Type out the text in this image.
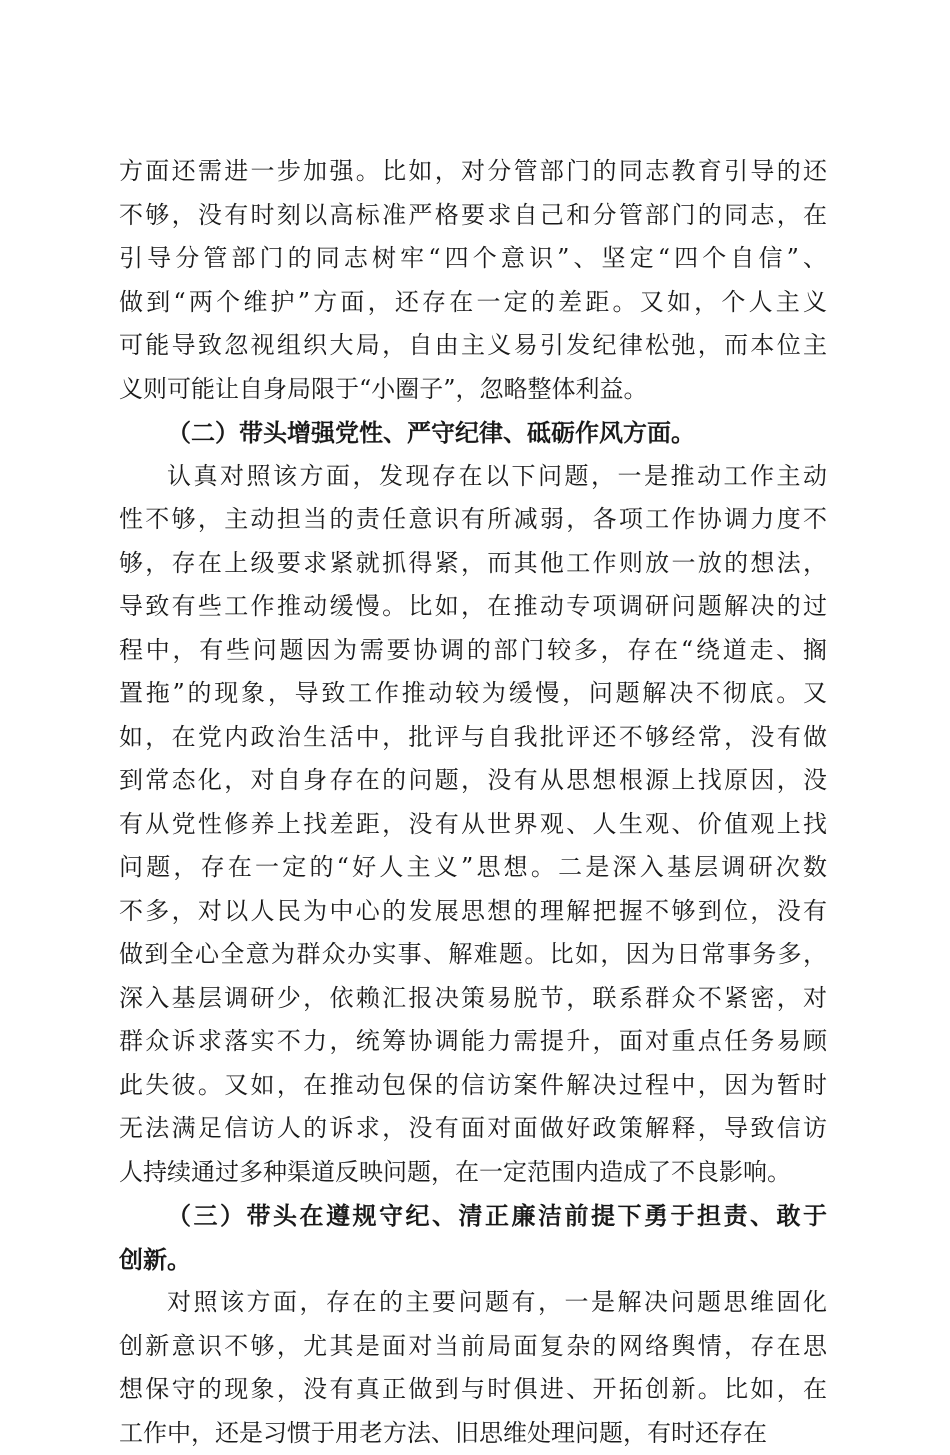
方面还需进一步加强。比如，对分管部门的同志教育引导的还
不够，没有时刻以高标准严格要求自己和分管部门的同志，在
引导分管部门的同志树牢“四个意识”、坚定“四个自信”、
做到“两个维护”方面，还存在一定的差距。又如，个人主义
可能导致忽视组织大局，自由主义易引发纪律松弛，而本位主
义则可能让自身局限于“小圈子”，忽略整体利益。
（二）带头增强党性、严守纪律、砥砺作风方面。
认真对照该方面，发现存在以下问题，一是推动工作主动
性不够，主动担当的责任意识有所减弱，各项工作协调力度不
够，存在上级要求紧就抓得紧，而其他工作则放一放的想法，
导致有些工作推动缓慢。比如，在推动专项调研问题解决的过
程中，有些问题因为需要协调的部门较多，存在“绕道走、搁
置拖”的现象，导致工作推动较为缓慢，问题解决不彻底。又
如，在党内政治生活中，批评与自我批评还不够经常，没有做
到常态化，对自身存在的问题，没有从思想根源上找原因，没
有从党性修养上找差距，没有从世界观、人生观、价值观上找
问题，存在一定的“好人主义”思想。二是深入基层调研次数
不多，对以人民为中心的发展思想的理解把握不够到位，没有
做到全心全意为群众办实事、解难题。比如，因为日常事务多，
深入基层调研少，依赖汇报决策易脱节，联系群众不紧密，对
群众诉求落实不力，统筹协调能力需提升，面对重点任务易顾
此失彼。又如，在推动包保的信访案件解决过程中，因为暂时
无法满足信访人的诉求，没有面对面做好政策解释，导致信访
人持续通过多种渠道反映问题，在一定范围内造成了不良影响。
（三）带头在遵规守纪、清正廉洁前提下勇于担责、敢于
创新。
对照该方面，存在的主要问题有，一是解决问题思维固化
创新意识不够，尤其是面对当前局面复杂的网络舆情，存在思
想保守的现象，没有真正做到与时俱进、开拓创新。比如，在
工作中，还是习惯于用老方法、旧思维处理问题，有时还存在
